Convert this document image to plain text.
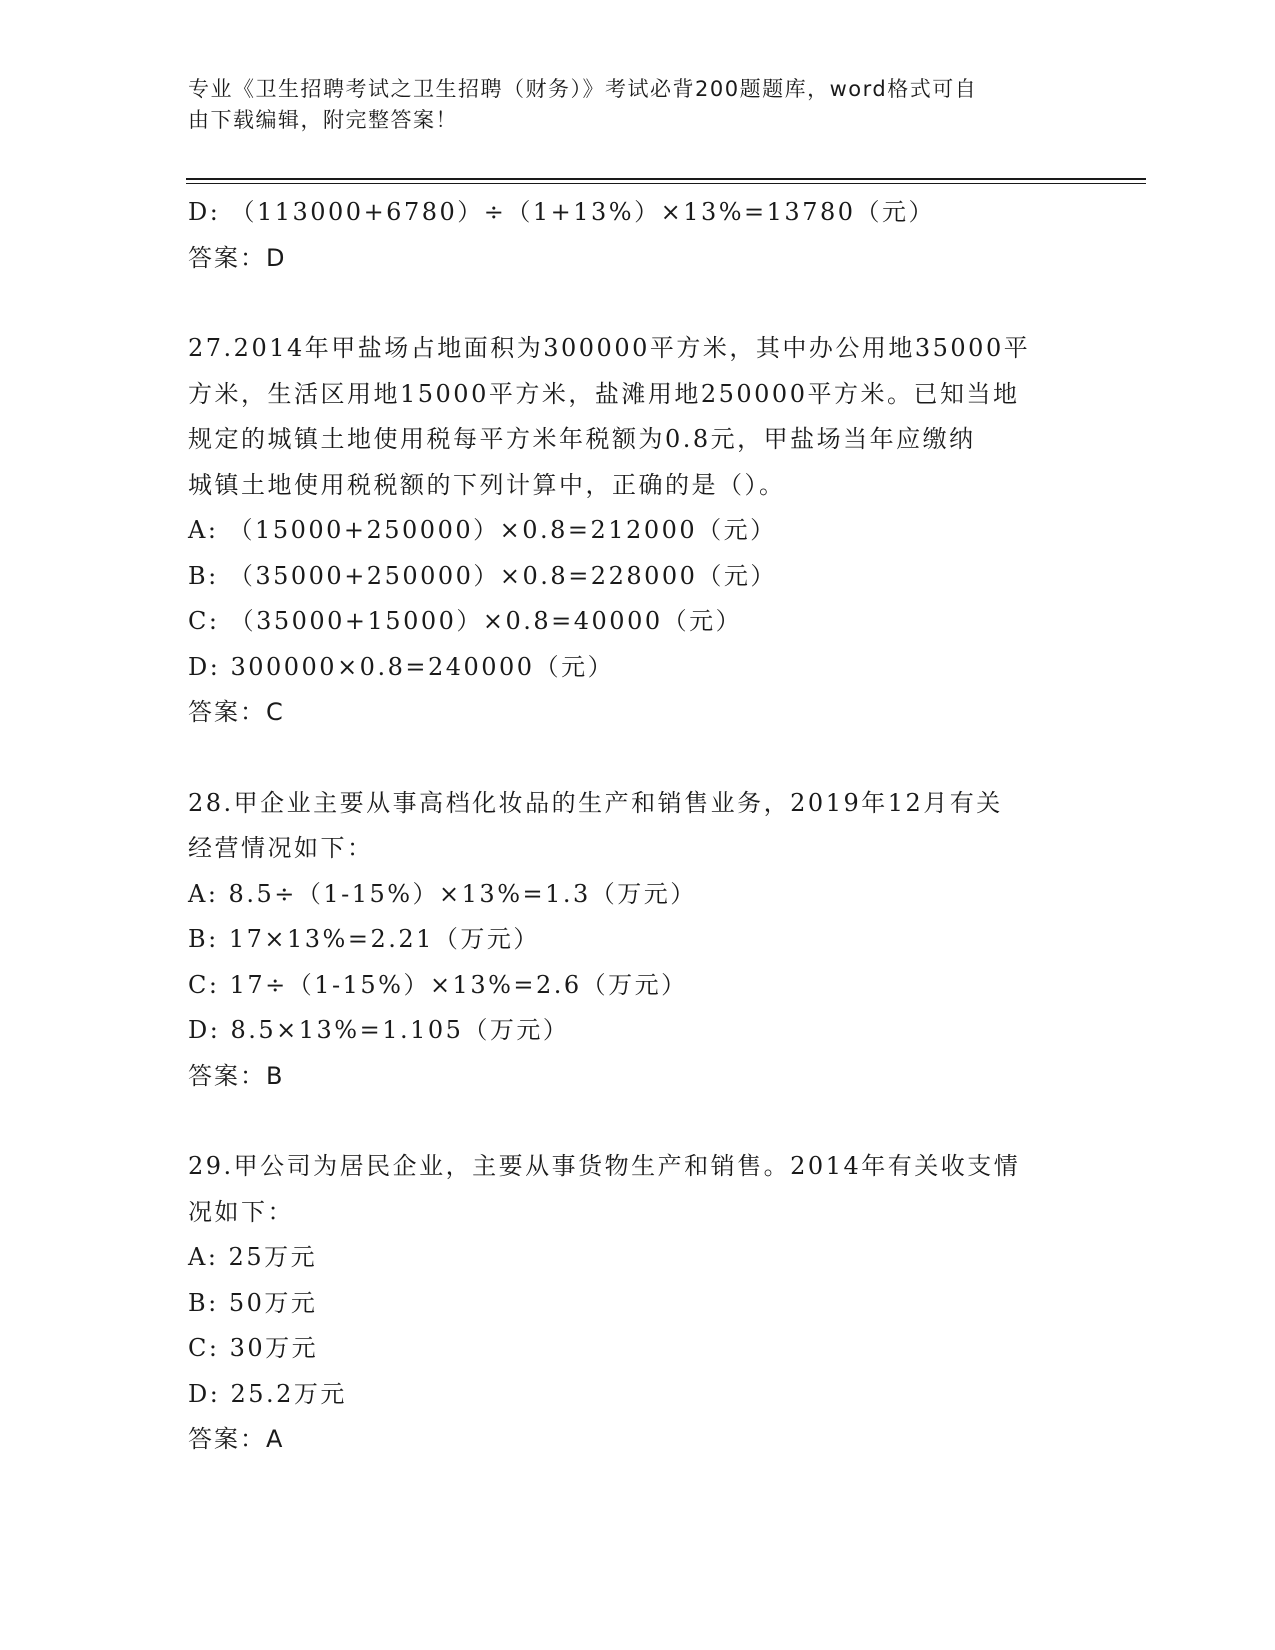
专业《卫生招聘考试之卫生招聘（财务）》考试必背200题题库，word格式可自
由下载编辑，附完整答案！
D: （113000+6780）÷（1+13%）×13%=13780（元）
答案：D
27.2014年甲盐场占地面积为300000平方米，其中办公用地35000平
方米，生活区用地15000平方米，盐滩用地250000平方米。已知当地
规定的城镇土地使用税每平方米年税额为0.8元，甲盐场当年应缴纳
城镇土地使用税税额的下列计算中，正确的是（）。
A: （15000+250000）×0.8=212000（元）
B: （35000+250000）×0.8=228000（元）
C: （35000+15000）×0.8=40000（元）
D: 300000×0.8=240000（元）
答案：C
28.甲企业主要从事高档化妆品的生产和销售业务，2019年12月有关
经营情况如下：
A: 8.5÷（1-15%）×13%=1.3（万元）
B: 17×13%=2.21（万元）
C: 17÷（1-15%）×13%=2.6（万元）
D: 8.5×13%=1.105（万元）
答案：B
29.甲公司为居民企业，主要从事货物生产和销售。2014年有关收支情
况如下：
A: 25万元
B: 50万元
C: 30万元
D: 25.2万元
答案：A
